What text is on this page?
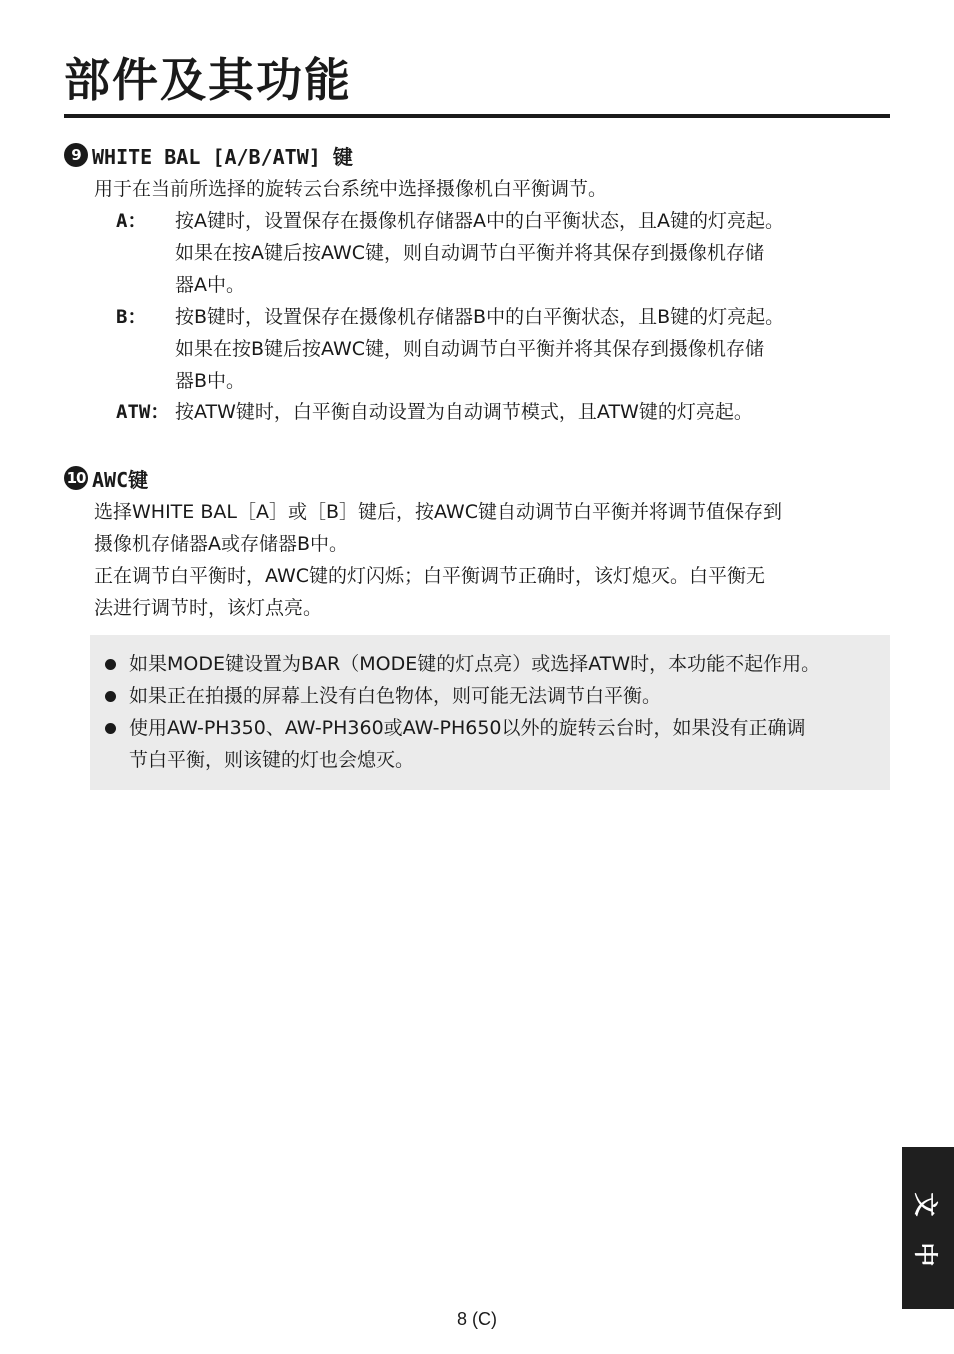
部件及其功能
9 WHITE BAL [A/B/ATW] 键
用于在当前所选择的旋转云台系统中选择摄像机白平衡调节。
A： 按A键时，设置保存在摄像机存储器A中的白平衡状态，且A键的灯亮起。
如果在按A键后按AWC键，则自动调节白平衡并将其保存到摄像机存储
器A中。
B： 按B键时，设置保存在摄像机存储器B中的白平衡状态，且B键的灯亮起。
如果在按B键后按AWC键，则自动调节白平衡并将其保存到摄像机存储
器B中。
ATW： 按ATW键时，白平衡自动设置为自动调节模式，且ATW键的灯亮起。
10 AWC键
选择WHITE BAL［A］或［B］键后，按AWC键自动调节白平衡并将调节值保存到
摄像机存储器A或存储器B中。
正在调节白平衡时，AWC键的灯闪烁；白平衡调节正确时，该灯熄灭。白平衡无
法进行调节时，该灯点亮。
如果MODE键设置为BAR（MODE键的灯点亮）或选择ATW时，本功能不起作用。
如果正在拍摄的屏幕上没有白色物体，则可能无法调节白平衡。
使用AW-PH350、AW-PH360或AW-PH650以外的旋转云台时，如果没有正确调
节白平衡，则该键的灯也会熄灭。
中
文
8 (C)
